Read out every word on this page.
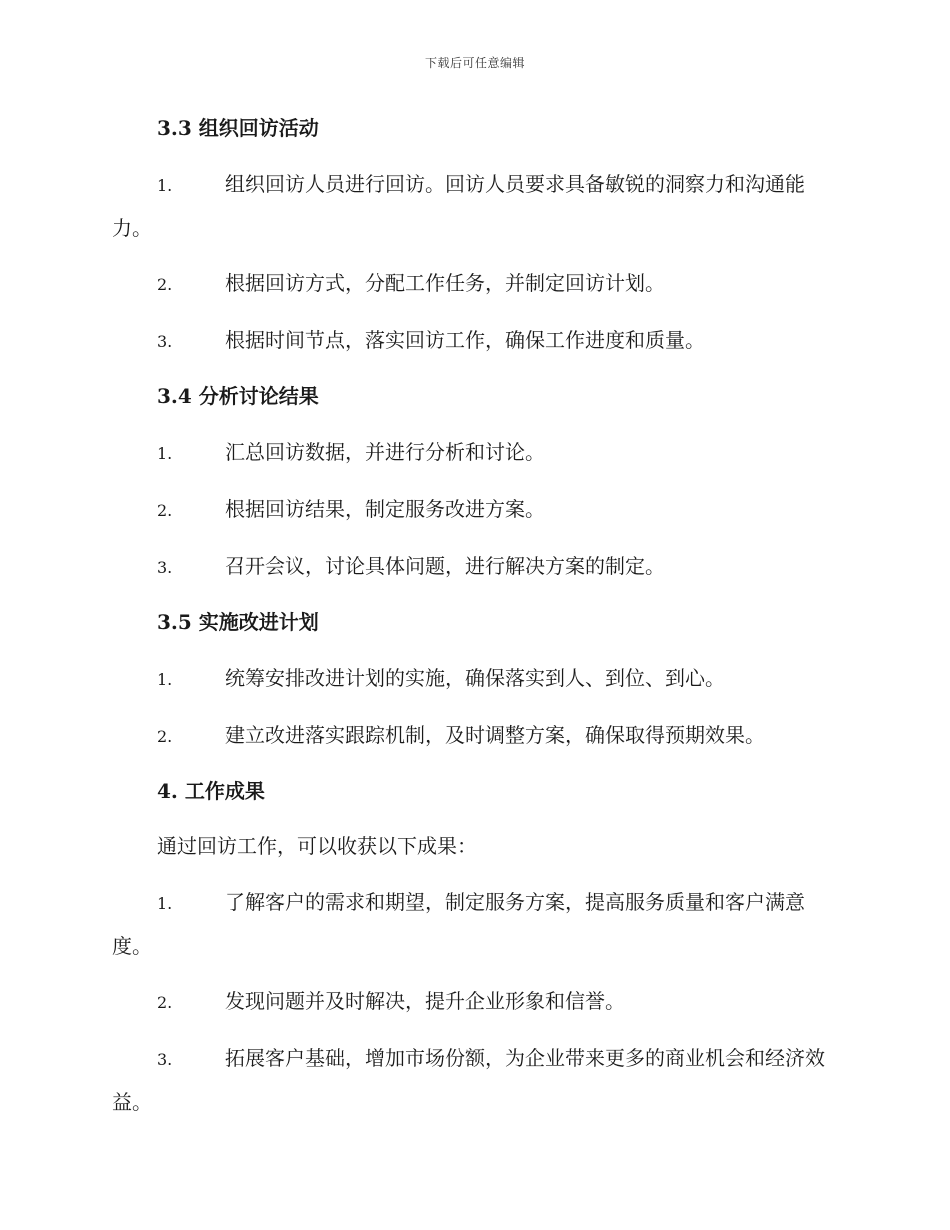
下载后可任意编辑
3.3 组织回访活动
1.	组织回访人员进行回访。回访人员要求具备敏锐的洞察力和沟通能力。
2.	根据回访方式，分配工作任务，并制定回访计划。
3.	根据时间节点，落实回访工作，确保工作进度和质量。
3.4 分析讨论结果
1.	汇总回访数据，并进行分析和讨论。
2.	根据回访结果，制定服务改进方案。
3.	召开会议，讨论具体问题，进行解决方案的制定。
3.5 实施改进计划
1.	统筹安排改进计划的实施，确保落实到人、到位、到心。
2.	建立改进落实跟踪机制，及时调整方案，确保取得预期效果。
4. 工作成果
通过回访工作，可以收获以下成果：
1.	了解客户的需求和期望，制定服务方案，提高服务质量和客户满意度。
2.	发现问题并及时解决，提升企业形象和信誉。
3.	拓展客户基础，增加市场份额，为企业带来更多的商业机会和经济效益。
